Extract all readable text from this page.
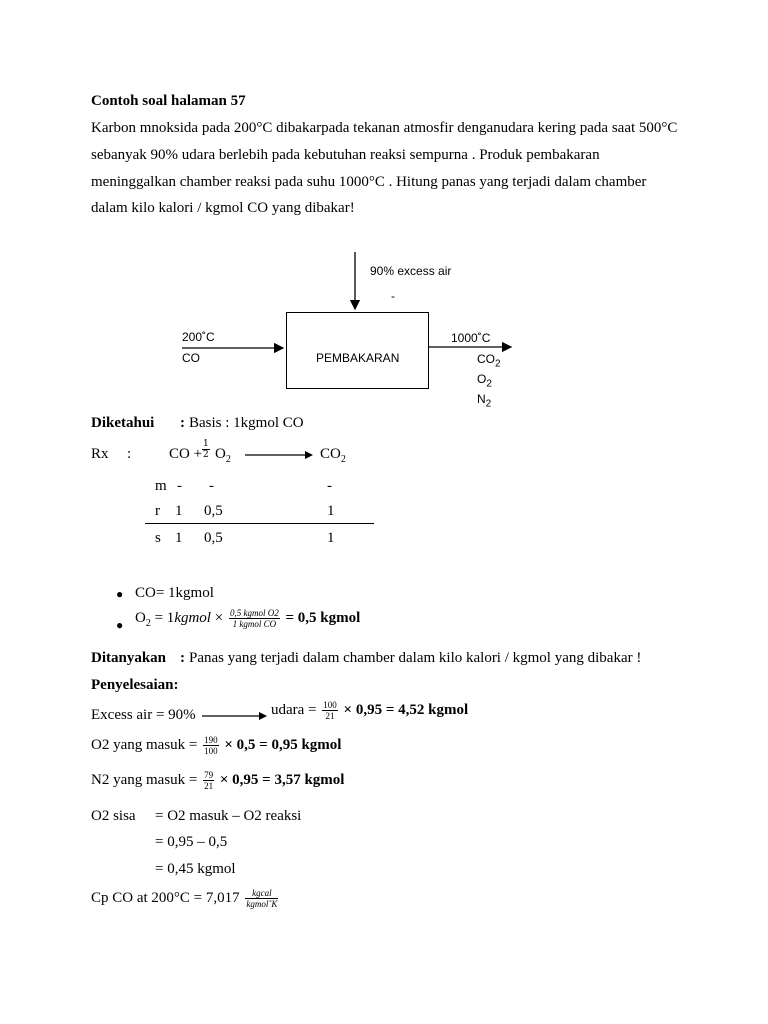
Contoh soal halaman 57
Karbon mnoksida pada 200°C dibakarpada tekanan atmosfir denganudara kering pada saat 500°C
sebanyak 90% udara berlebih pada kebutuhan reaksi sempurna . Produk pembakaran
meninggalkan chamber reaksi pada suhu 1000°C . Hitung panas yang terjadi dalam chamber
dalam kilo kalori / kgmol CO yang dibakar!
PEMBAKARAN
90% excess air
-
200˚C
CO
1000˚C
$CO_2$
$O_2$
$N_2$
Diketahui : Basis : 1kgmol CO
Rx :	CO + $\frac{1}{2} O_2$	$CO_2$
m - -	-
r 1 0,5	1
s 1 0,5	1
● CO= 1kgmol
● $O_2$ = 1kgmol × $\frac{\text{0,5 kgmol O2}}{\text{1 kgmol CO}} = 0,5$ kgmol
Ditanyakan : Panas yang terjadi dalam chamber dalam kilo kalori / kgmol yang dibakar !
Penyelesaian:
Excess air = 90%	udara = $\frac{100}{21} \times 0,95 = 4,52$ kgmol
O2 yang masuk = $\frac{190}{100} \times 0,5 = 0,95$ kgmol
N2 yang masuk = $\frac{79}{21} \times 0,95 = 3,57$ kgmol
O2 sisa = O2 masuk – O2 reaksi
= 0,95 – 0,5
= 0,45 kgmol
Cp CO at $200^\circ C = 7,017 \frac{\text{kgcal}}{\text{kgmol˚K}}$
